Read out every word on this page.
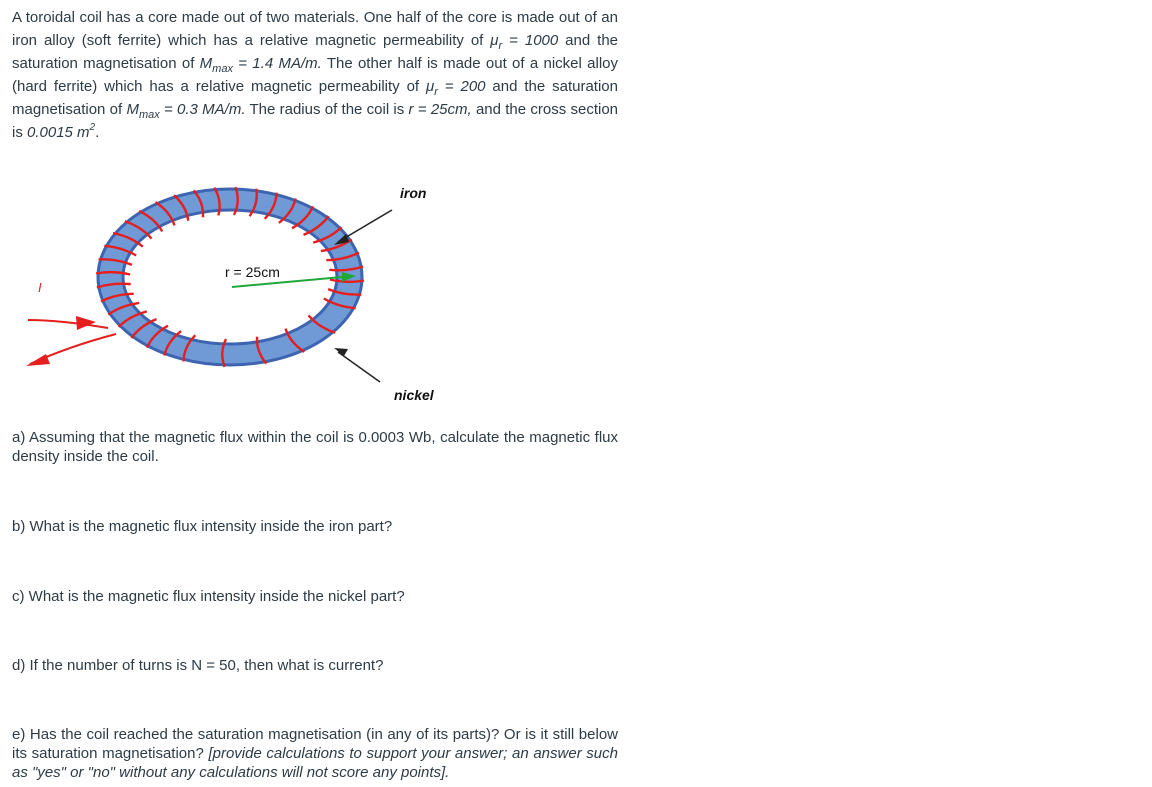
A toroidal coil has a core made out of two materials. One half of the core is made out of an iron alloy (soft ferrite) which has a relative magnetic permeability of $\mu_r = 1000$ and the saturation magnetisation of $M_{max} = 1.4$ MA/m. The other half is made out of a nickel alloy (hard ferrite) which has a relative magnetic permeability of $\mu_r = 200$ and the saturation magnetisation of $M_{max} = 0.3$ MA/m. The radius of the coil is r = 25cm, and the cross section is 0.0015 $m^2$.

r = 25cm
iron
nickel
I

a) Assuming that the magnetic flux within the coil is 0.0003 Wb, calculate the magnetic flux density inside the coil.

b) What is the magnetic flux intensity inside the iron part?

c) What is the magnetic flux intensity inside the nickel part?

d) If the number of turns is N = 50, then what is current?

e) Has the coil reached the saturation magnetisation (in any of its parts)? Or is it still below its saturation magnetisation? [provide calculations to support your answer; an answer such as "yes" or "no" without any calculations will not score any points].
